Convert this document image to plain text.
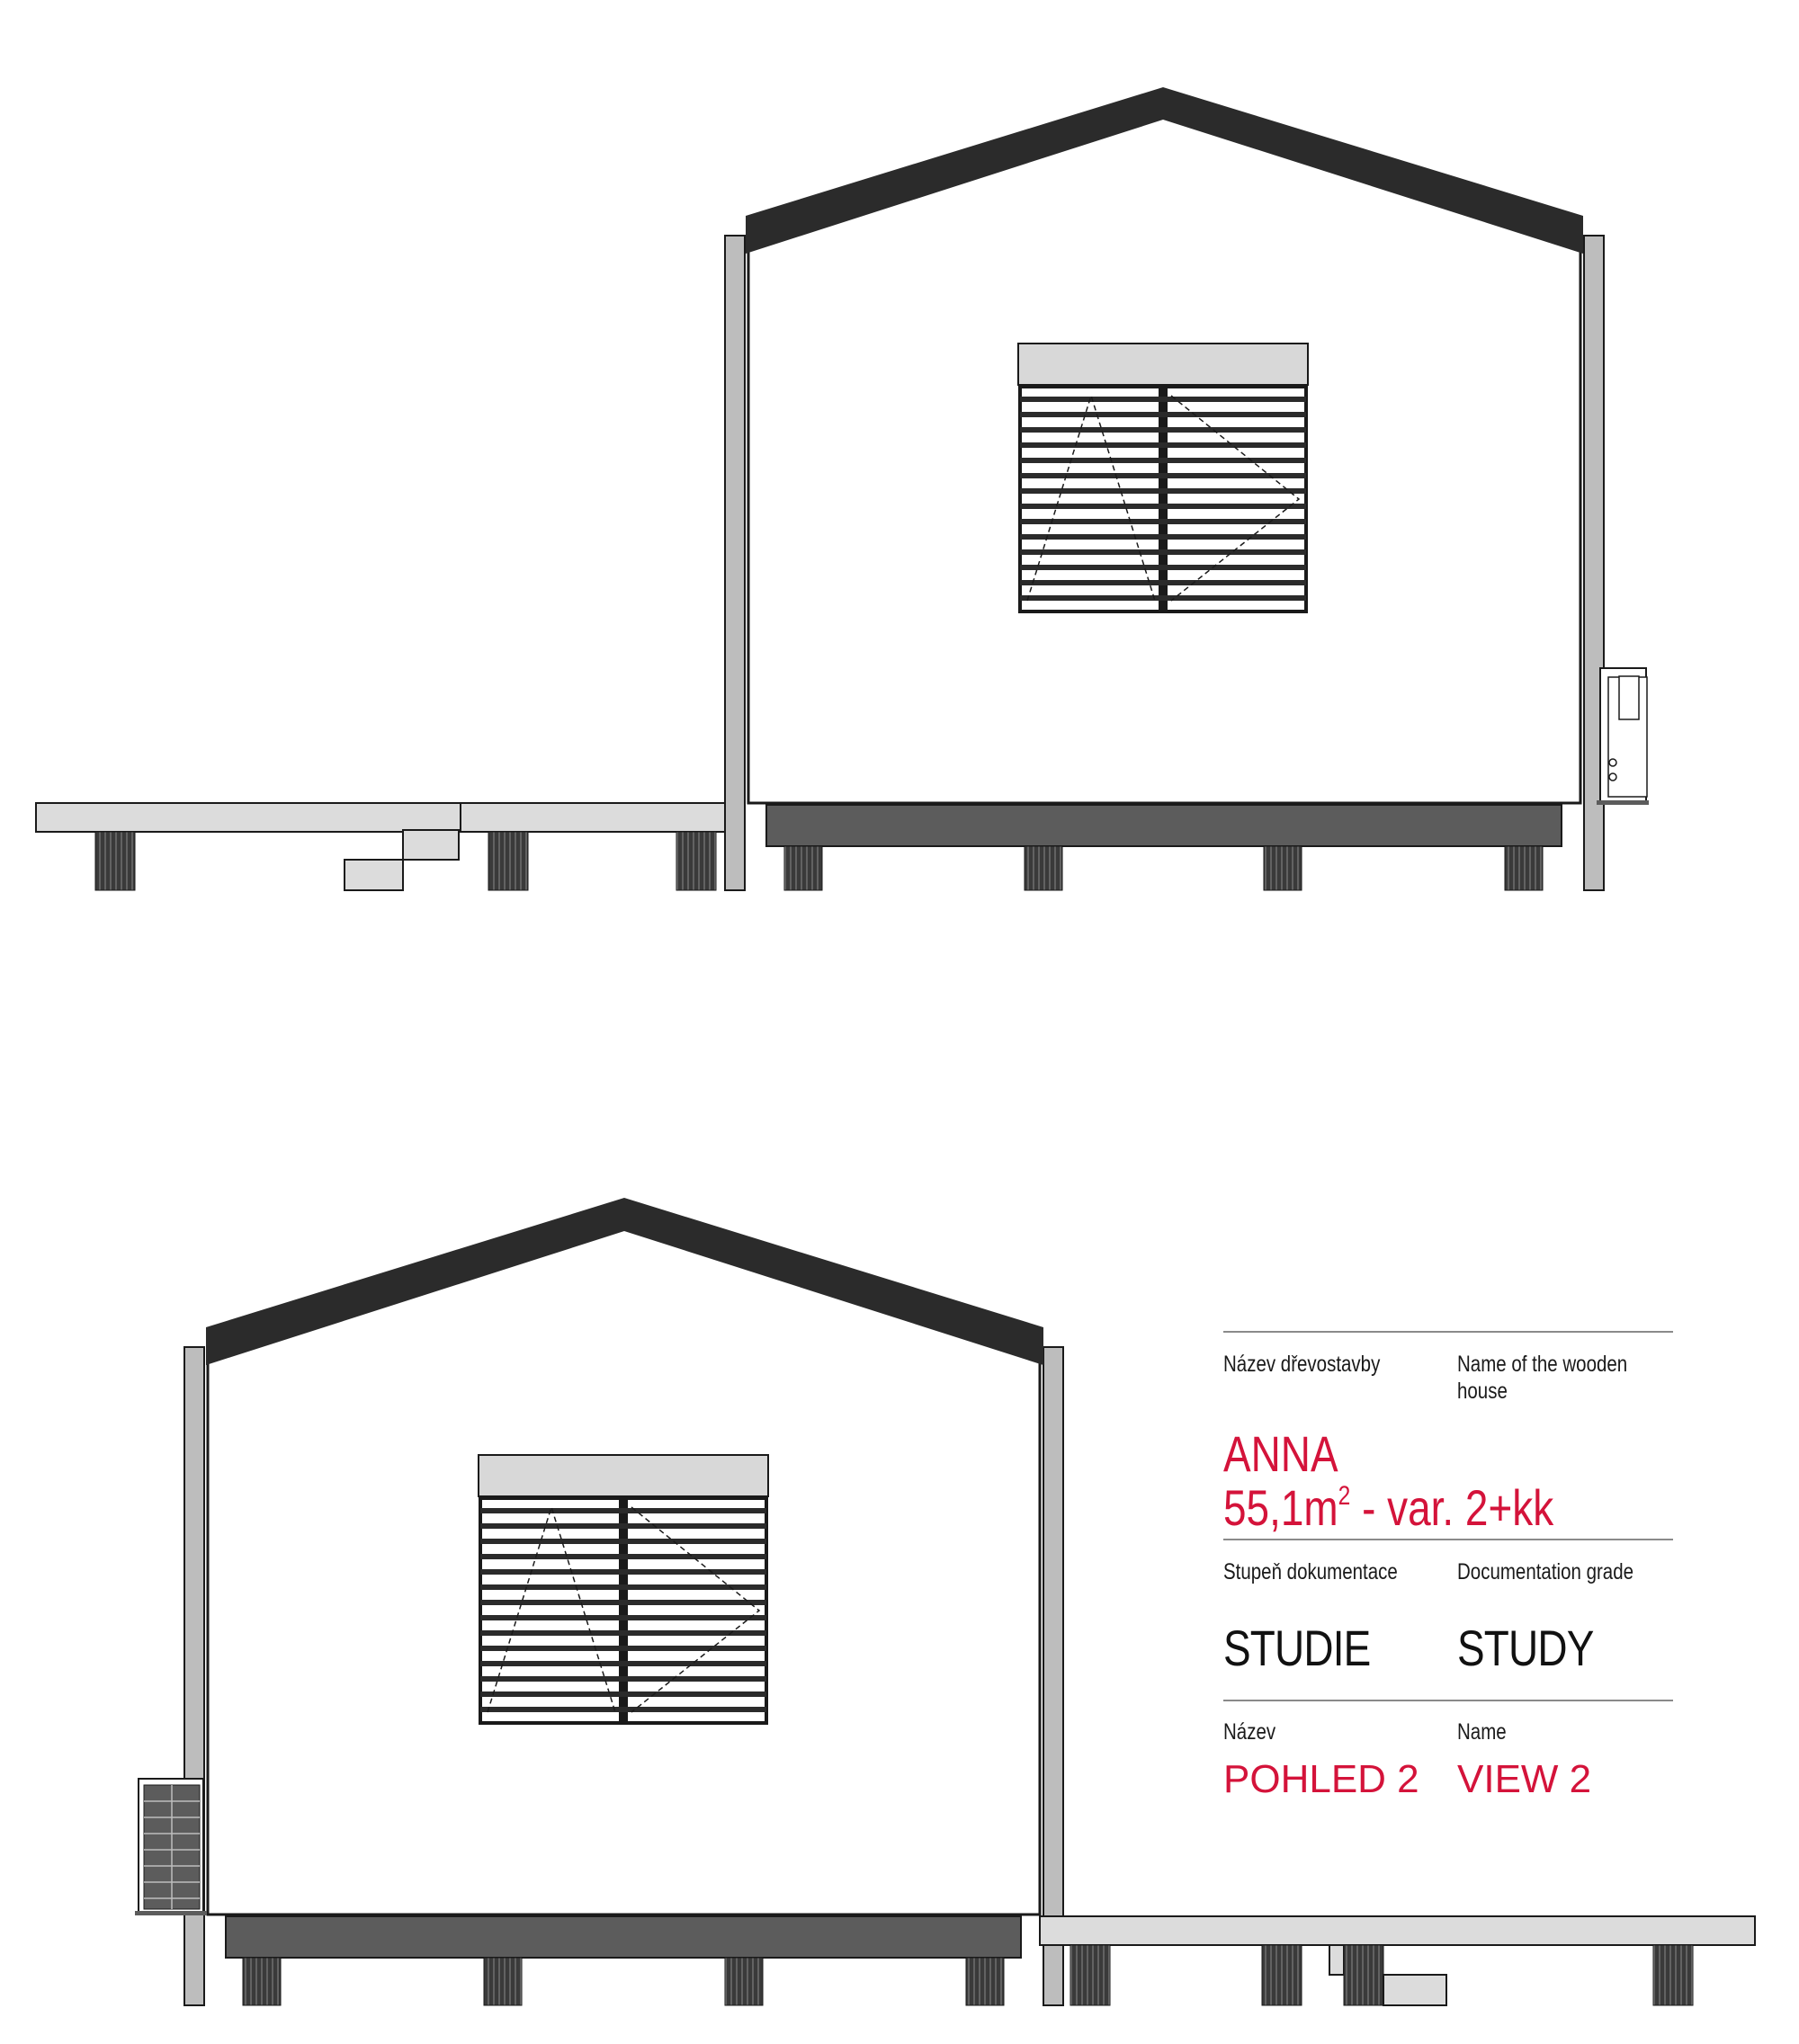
Název dřevostavby	Name of the wooden house
ANNA
$55,1m^2$ - var. 2+kk
Stupeň dokumentace	Documentation grade
STUDIE STUDY
Název	Name
POHLED 2 VIEW 2
